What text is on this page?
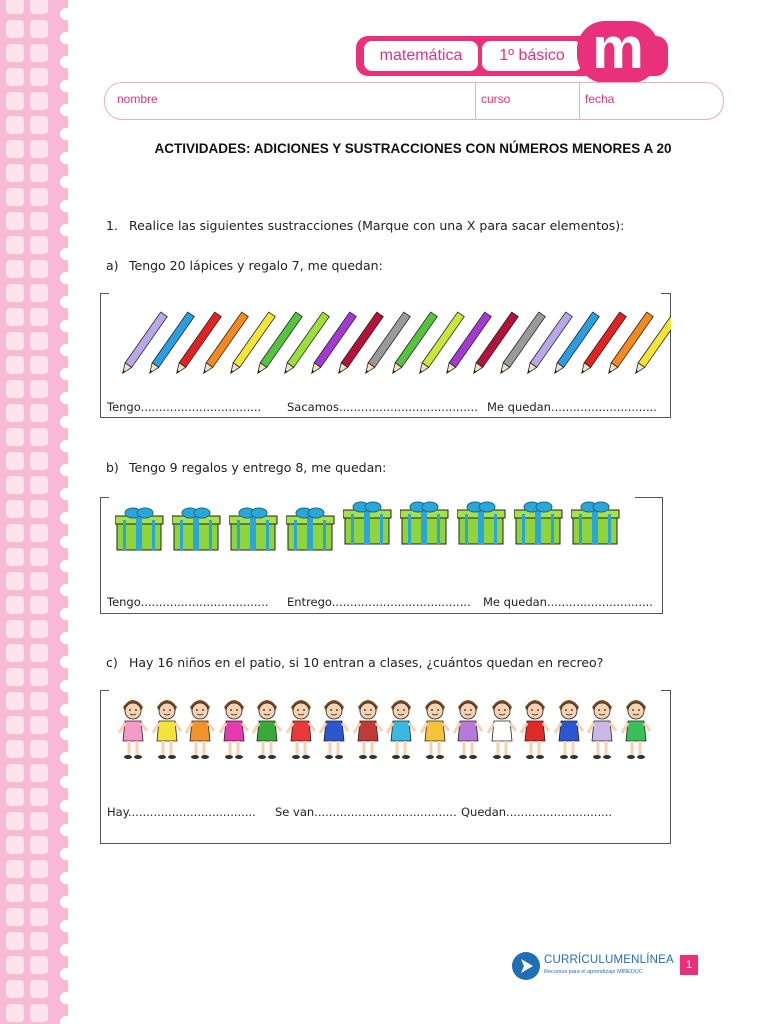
matemática	1º básico m
nombre	curso	fecha
ACTIVIDADES: ADICIONES Y SUSTRACCIONES CON NÚMEROS MENORES A 20
1. Realice las siguientes sustracciones (Marque con una X para sacar elementos):
a) Tengo 20 lápices y regalo 7, me quedan:
Tengo................................. Sacamos...................................... Me quedan.............................
b) Tengo 9 regalos y entrego 8, me quedan:
Tengo................................... Entrego...................................... Me quedan.............................
c) Hay 16 niños en el patio, si 10 entran a clases, ¿cuántos quedan en recreo?
Hay................................... Se van....................................... Quedan.............................
CURRÍCULUMENLÍNEA
Recursos para el aprendizaje MINEDUC
1
